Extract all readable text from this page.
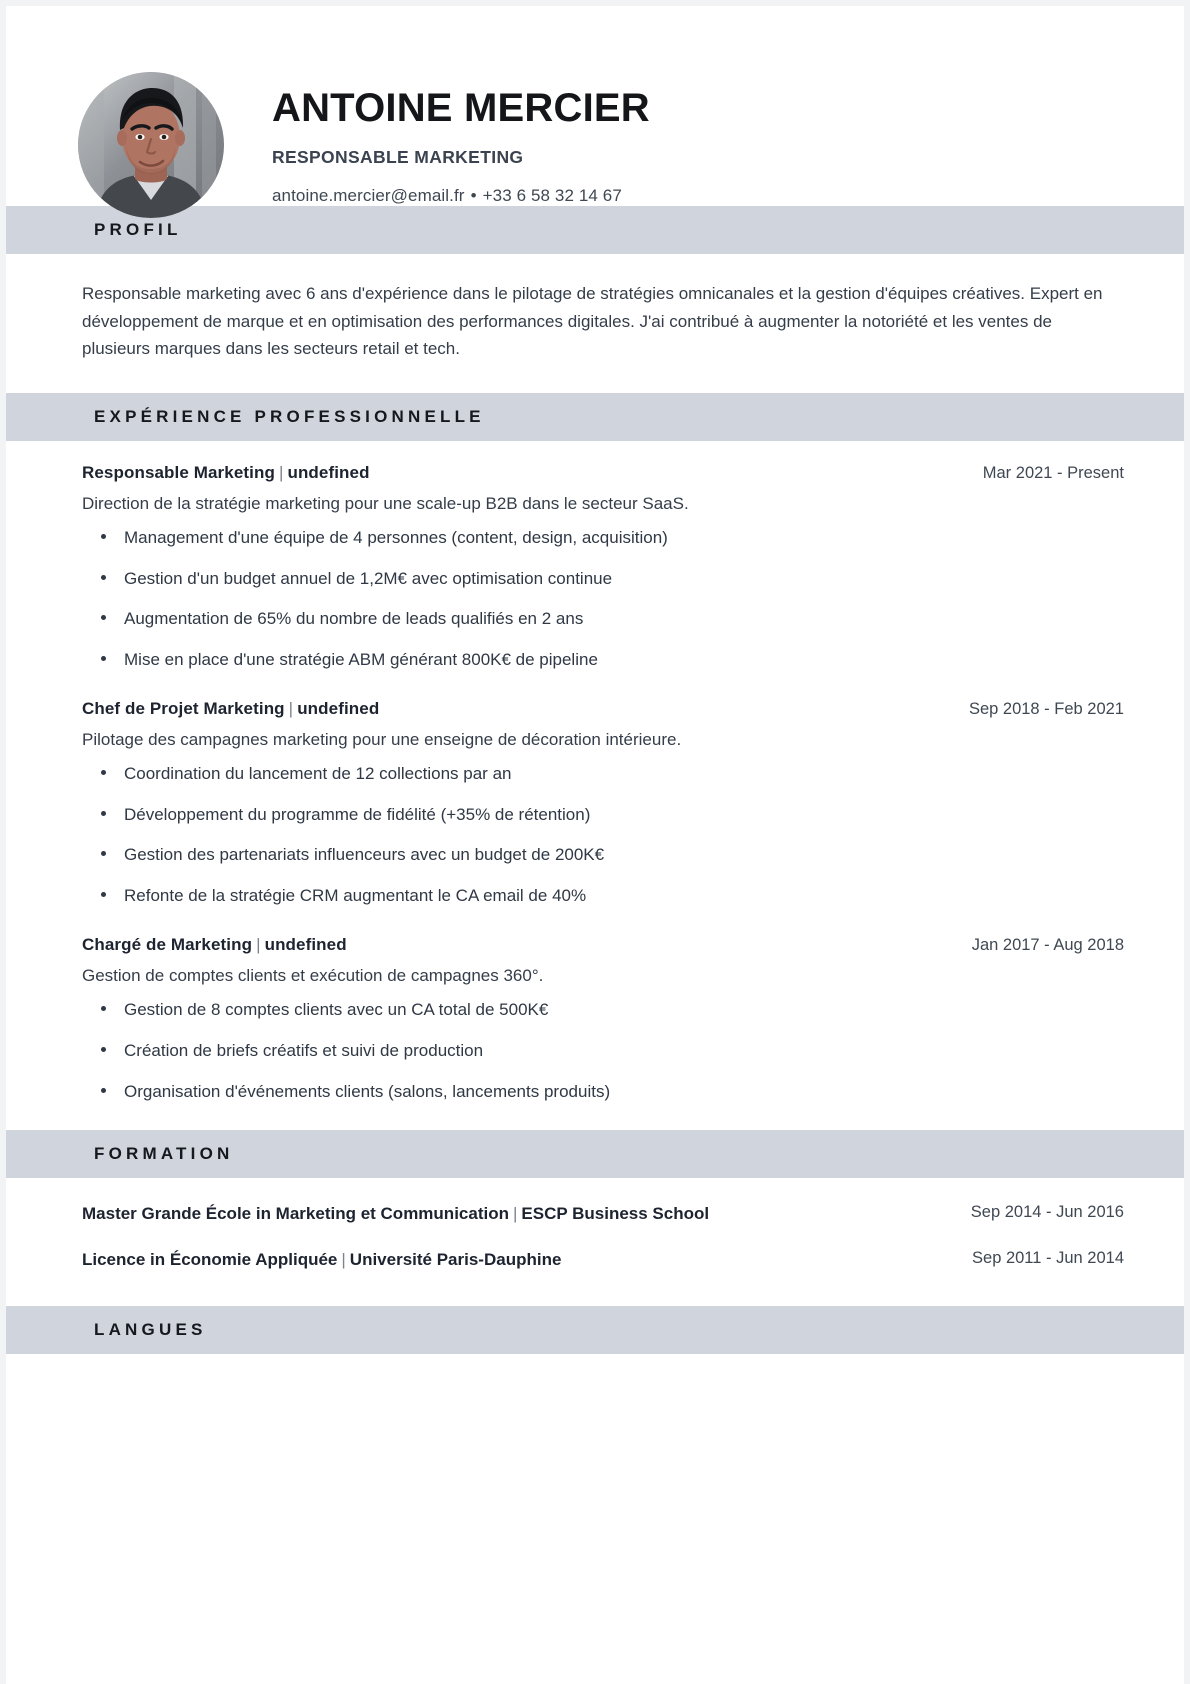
ANTOINE MERCIER
RESPONSABLE MARKETING
antoine.mercier@email.fr • +33 6 58 32 14 67
PROFIL
Responsable marketing avec 6 ans d'expérience dans le pilotage de stratégies omnicanales et la gestion d'équipes créatives. Expert en développement de marque et en optimisation des performances digitales. J'ai contribué à augmenter la notoriété et les ventes de plusieurs marques dans les secteurs retail et tech.
EXPÉRIENCE PROFESSIONNELLE
Responsable Marketing | undefined	Mar 2021 - Present
Direction de la stratégie marketing pour une scale-up B2B dans le secteur SaaS.
Management d'une équipe de 4 personnes (content, design, acquisition)
Gestion d'un budget annuel de 1,2M€ avec optimisation continue
Augmentation de 65% du nombre de leads qualifiés en 2 ans
Mise en place d'une stratégie ABM générant 800K€ de pipeline
Chef de Projet Marketing | undefined	Sep 2018 - Feb 2021
Pilotage des campagnes marketing pour une enseigne de décoration intérieure.
Coordination du lancement de 12 collections par an
Développement du programme de fidélité (+35% de rétention)
Gestion des partenariats influenceurs avec un budget de 200K€
Refonte de la stratégie CRM augmentant le CA email de 40%
Chargé de Marketing | undefined	Jan 2017 - Aug 2018
Gestion de comptes clients et exécution de campagnes 360°.
Gestion de 8 comptes clients avec un CA total de 500K€
Création de briefs créatifs et suivi de production
Organisation d'événements clients (salons, lancements produits)
FORMATION
Master Grande École in Marketing et Communication | ESCP Business School	Sep 2014 - Jun 2016
Licence in Économie Appliquée | Université Paris-Dauphine	Sep 2011 - Jun 2014
LANGUES
